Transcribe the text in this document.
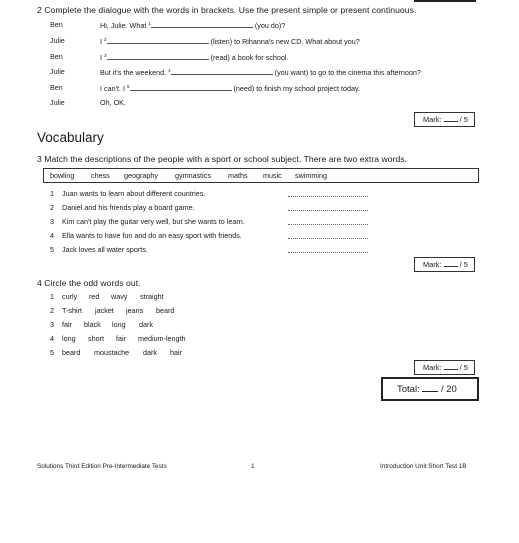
2 Complete the dialogue with the words in brackets. Use the present simple or present continuous.
Ben	Hi, Julie. What $^1$	(you do)?
Julie	I $^2$	(listen) to Rihanna's new CD. What about you?
Ben	I $^3$	(read) a book for school.
Julie	But it's the weekend. $^4$	(you want) to go to the cinema this afternoon?
Ben	I can't. I $^5$	(need) to finish my school project today.
Julie	Oh, OK.
Mark: / 5
Vocabulary
3 Match the descriptions of the people with a sport or school subject. There are two extra words.
bowling chess geography gymnastics maths music swimming
1 Juan wants to learn about different countries.
2 Daniel and his friends play a board game.
3 Kim can't play the guitar very well, but she wants to learn.
4 Ella wants to have fun and do an easy sport with friends.
5 Jack loves all water sports.
Mark: / 5
4 Circle the odd words out.
1 curly red wavy straight
2 T-shirt jacket jeans beard
3 fair black long dark
4 long short fair medium-length
5 beard moustache dark hair
Mark: / 5
Total: / 20
Solutions Third Edition Pre-Intermediate Tests	1	Introduction Unit Short Test 1B
